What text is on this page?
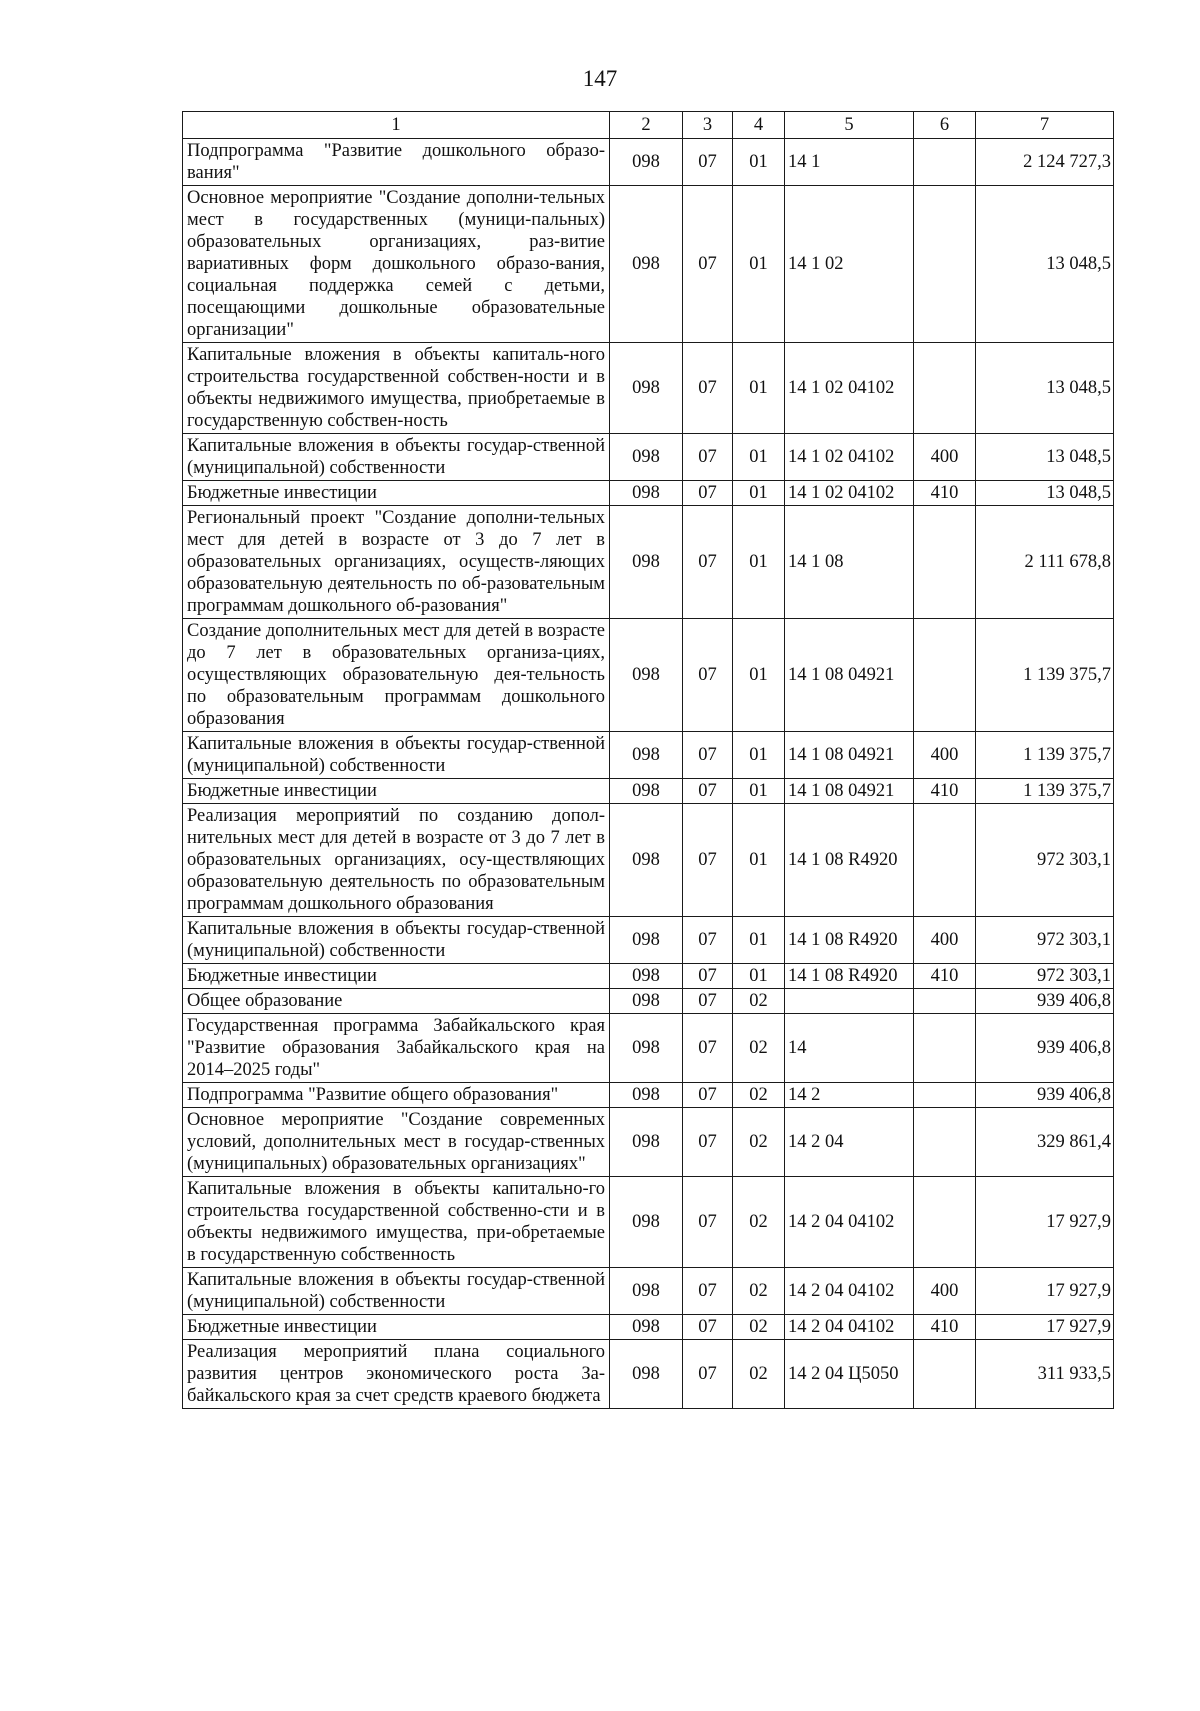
147
1	2	3	4	5	6	7
Подпрограмма "Развитие дошкольного образо-вания"	098	07	01	14 1		2 124 727,3
Основное мероприятие "Создание дополни-тельных мест в государственных (муници-пальных) образовательных организациях, раз-витие вариативных форм дошкольного образо-вания, социальная поддержка семей с детьми, посещающими дошкольные образовательные организации"	098	07	01	14 1 02		13 048,5
Капитальные вложения в объекты капиталь-ного строительства государственной собствен-ности и в объекты недвижимого имущества, приобретаемые в государственную собствен-ность	098	07	01	14 1 02 04102		13 048,5
Капитальные вложения в объекты государ-ственной (муниципальной) собственности	098	07	01	14 1 02 04102	400	13 048,5
Бюджетные инвестиции	098	07	01	14 1 02 04102	410	13 048,5
Региональный проект "Создание дополни-тельных мест для детей в возрасте от 3 до 7 лет в образовательных организациях, осуществ-ляющих образовательную деятельность по об-разовательным программам дошкольного об-разования"	098	07	01	14 1 08		2 111 678,8
Создание дополнительных мест для детей в возрасте до 7 лет в образовательных организа-циях, осуществляющих образовательную дея-тельность по образовательным программам дошкольного образования	098	07	01	14 1 08 04921		1 139 375,7
Капитальные вложения в объекты государ-ственной (муниципальной) собственности	098	07	01	14 1 08 04921	400	1 139 375,7
Бюджетные инвестиции	098	07	01	14 1 08 04921	410	1 139 375,7
Реализация мероприятий по созданию допол-нительных мест для детей в возрасте от 3 до 7 лет в образовательных организациях, осу-ществляющих образовательную деятельность по образовательным программам дошкольного образования	098	07	01	14 1 08 R4920		972 303,1
Капитальные вложения в объекты государ-ственной (муниципальной) собственности	098	07	01	14 1 08 R4920	400	972 303,1
Бюджетные инвестиции	098	07	01	14 1 08 R4920	410	972 303,1
Общее образование	098	07	02			939 406,8
Государственная программа Забайкальского края "Развитие образования Забайкальского края на 2014–2025 годы"	098	07	02	14		939 406,8
Подпрограмма "Развитие общего образования"	098	07	02	14 2		939 406,8
Основное мероприятие "Создание современных условий, дополнительных мест в государ-ственных (муниципальных) образовательных организациях"	098	07	02	14 2 04		329 861,4
Капитальные вложения в объекты капитально-го строительства государственной собственно-сти и в объекты недвижимого имущества, при-обретаемые в государственную собственность	098	07	02	14 2 04 04102		17 927,9
Капитальные вложения в объекты государ-ственной (муниципальной) собственности	098	07	02	14 2 04 04102	400	17 927,9
Бюджетные инвестиции	098	07	02	14 2 04 04102	410	17 927,9
Реализация мероприятий плана социального развития центров экономического роста За-байкальского края за счет средств краевого бюджета	098	07	02	14 2 04 Ц5050		311 933,5
